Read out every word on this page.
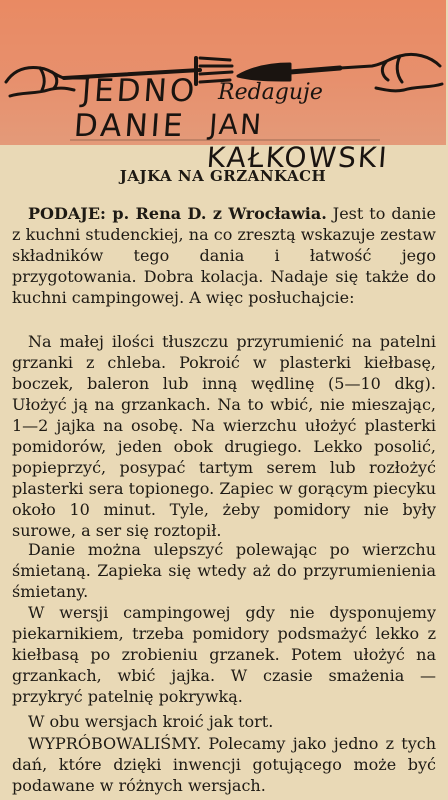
JEDNO Redaguje
DANIE JAN KAŁKOWSKI
JAJKA NA GRZANKACH

PODAJE: p. Rena D. z Wrocławia. Jest to danie z kuchni studenckiej, na co zresztą wskazuje zestaw składników tego dania i łatwość jego przygotowania. Dobra kolacja. Nadaje się także do kuchni campingowej. A więc posłuchajcie:

Na małej ilości tłuszczu przyrumienić na patelni grzanki z chleba. Pokroić w plasterki kiełbasę, boczek, baleron lub inną wędlinę (5—10 dkg). Ułożyć ją na grzankach. Na to wbić, nie mieszając, 1—2 jajka na osobę. Na wierzchu ułożyć plasterki pomidorów, jeden obok drugiego. Lekko posolić, popieprzyć, posypać tartym serem lub rozłożyć plasterki sera topionego. Zapiec w gorącym piecyku około 10 minut. Tyle, żeby pomidory nie były surowe, a ser się roztopił.

Danie można ulepszyć polewając po wierzchu śmietaną. Zapieka się wtedy aż do przyrumienienia śmietany.

W wersji campingowej gdy nie dysponujemy piekarnikiem, trzeba pomidory podsmażyć lekko z kiełbasą po zrobieniu grzanek. Potem ułożyć na grzankach, wbić jajka. W czasie smażenia — przykryć patelnię pokrywką.

W obu wersjach kroić jak tort.

WYPRÓBOWALIŚMY. Polecamy jako jedno z tych dań, które dzięki inwencji gotującego może być podawane w różnych wersjach.
